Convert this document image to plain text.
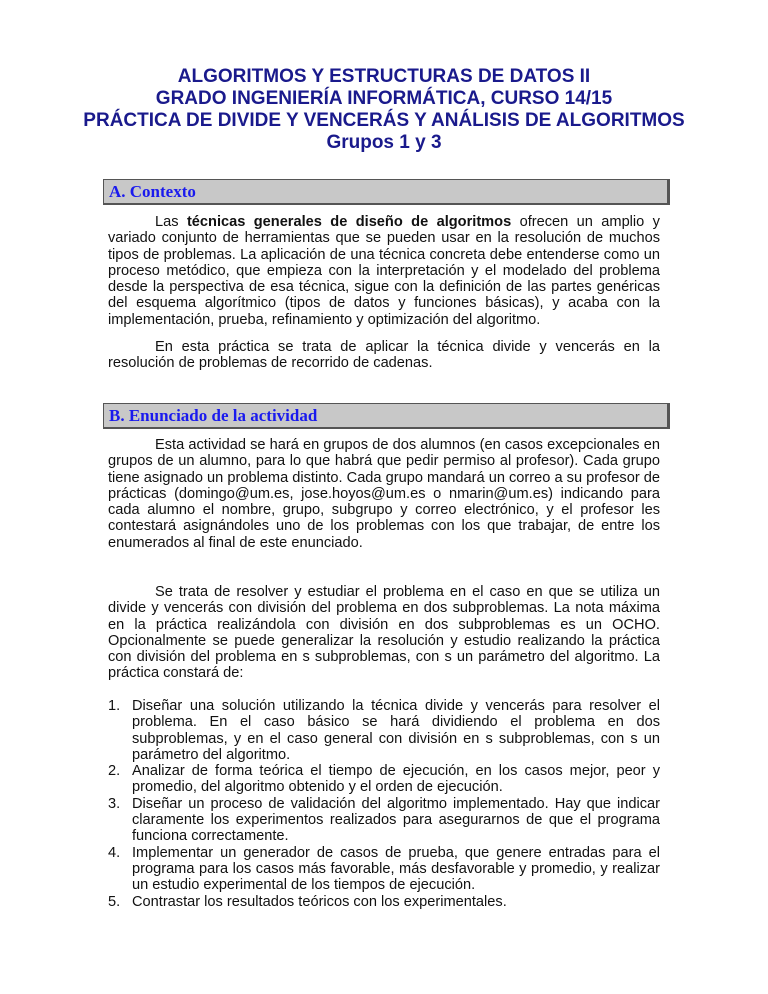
ALGORITMOS Y ESTRUCTURAS DE DATOS II
GRADO INGENIERÍA INFORMÁTICA, CURSO 14/15
PRÁCTICA DE DIVIDE Y VENCERÁS Y ANÁLISIS DE ALGORITMOS
Grupos 1 y 3
A. Contexto

Las técnicas generales de diseño de algoritmos ofrecen un amplio y variado conjunto de herramientas que se pueden usar en la resolución de muchos tipos de problemas. La aplicación de una técnica concreta debe entenderse como un proceso metódico, que empieza con la interpretación y el modelado del problema desde la perspectiva de esa técnica, sigue con la definición de las partes genéricas del esquema algorítmico (tipos de datos y funciones básicas), y acaba con la implementación, prueba, refinamiento y optimización del algoritmo.

En esta práctica se trata de aplicar la técnica divide y vencerás en la resolución de problemas de recorrido de cadenas.

B. Enunciado de la actividad

Esta actividad se hará en grupos de dos alumnos (en casos excepcionales en grupos de un alumno, para lo que habrá que pedir permiso al profesor). Cada grupo tiene asignado un problema distinto. Cada grupo mandará un correo a su profesor de prácticas (domingo@um.es, jose.hoyos@um.es o nmarin@um.es) indicando para cada alumno el nombre, grupo, subgrupo y correo electrónico, y el profesor les contestará asignándoles uno de los problemas con los que trabajar, de entre los enumerados al final de este enunciado.

Se trata de resolver y estudiar el problema en el caso en que se utiliza un divide y vencerás con división del problema en dos subproblemas. La nota máxima en la práctica realizándola con división en dos subproblemas es un OCHO. Opcionalmente se puede generalizar la resolución y estudio realizando la práctica con división del problema en s subproblemas, con s un parámetro del algoritmo. La práctica constará de:

1. Diseñar una solución utilizando la técnica divide y vencerás para resolver el problema. En el caso básico se hará dividiendo el problema en dos subproblemas, y en el caso general con división en s subproblemas, con s un parámetro del algoritmo.
2. Analizar de forma teórica el tiempo de ejecución, en los casos mejor, peor y promedio, del algoritmo obtenido y el orden de ejecución.
3. Diseñar un proceso de validación del algoritmo implementado. Hay que indicar claramente los experimentos realizados para asegurarnos de que el programa funciona correctamente.
4. Implementar un generador de casos de prueba, que genere entradas para el programa para los casos más favorable, más desfavorable y promedio, y realizar un estudio experimental de los tiempos de ejecución.
5. Contrastar los resultados teóricos con los experimentales.
